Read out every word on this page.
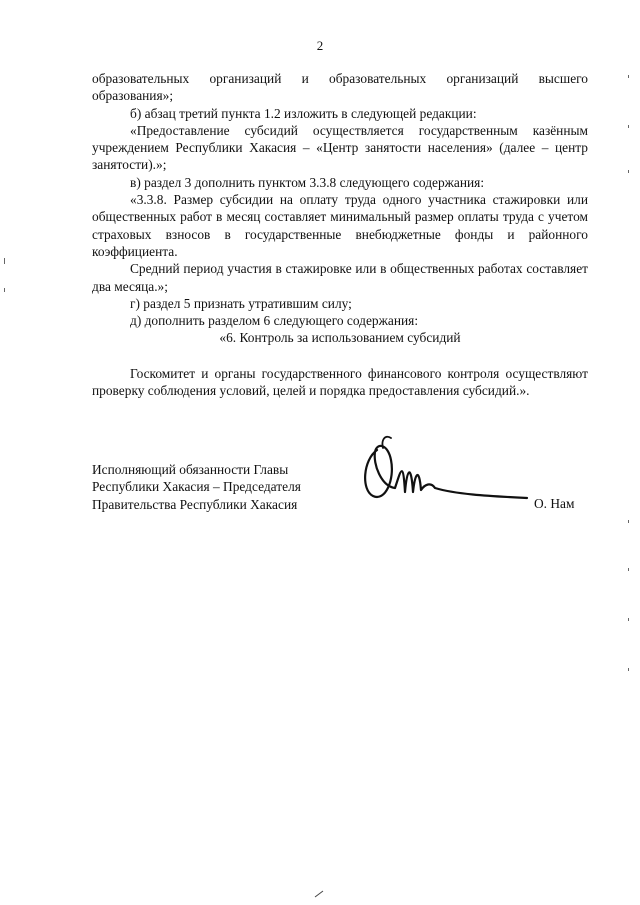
2

образовательных организаций и образовательных организаций высшего

образования»;

б) абзац третий пункта 1.2 изложить в следующей редакции:

«Предоставление субсидий осуществляется государственным казённым учреждением Республики Хакасия – «Центр занятости населения» (далее – центр занятости).»;

в) раздел 3 дополнить пунктом 3.3.8 следующего содержания:

«3.3.8. Размер субсидии на оплату труда одного участника стажировки или общественных работ в месяц составляет минимальный размер оплаты труда с учетом страховых взносов в государственные внебюджетные фонды и районного коэффициента.

Средний период участия в стажировке или в общественных работах составляет два месяца.»;

г) раздел 5 признать утратившим силу;

д) дополнить разделом 6 следующего содержания:

«6. Контроль за использованием субсидий

Госкомитет и органы государственного финансового контроля осуществляют проверку соблюдения условий, целей и порядка предоставления субсидий.».

Исполняющий обязанности Главы
Республики Хакасия – Председателя
Правительства Республики Хакасия	О. Нам
